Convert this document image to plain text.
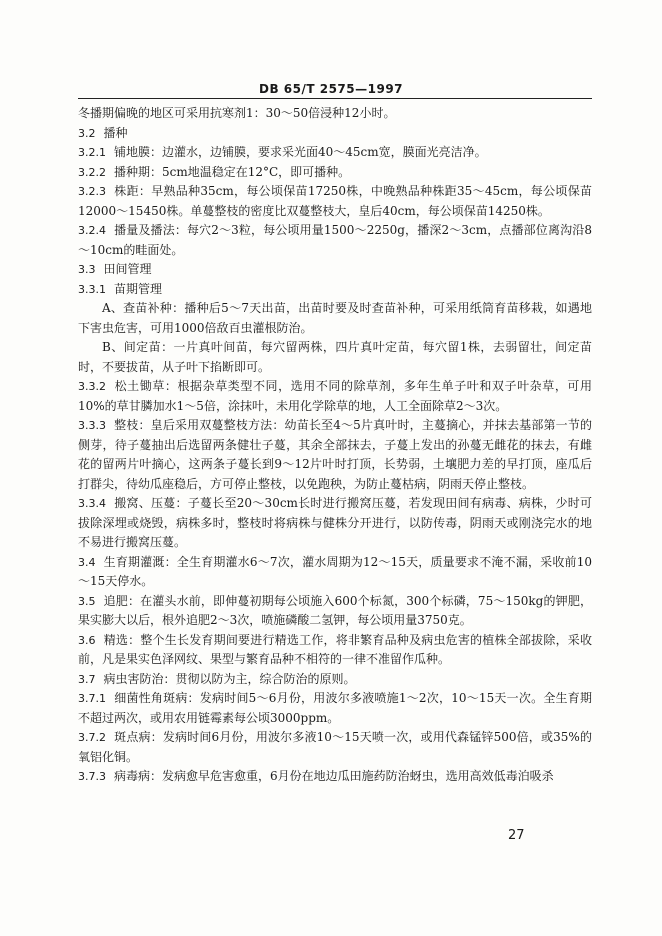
DB 65/T 2575—1997

冬播期偏晚的地区可采用抗寒剂1：30～50倍浸种12小时。

3.2 播种

3.2.1 铺地膜：边灌水，边铺膜，要求采光面40～45cm宽，膜面光亮洁净。

3.2.2 播种期：5cm地温稳定在12°C，即可播种。

3.2.3 株距：早熟品种35cm，每公顷保苗17250株，中晚熟品种株距35～45cm，每公顷保苗12000～15450株。单蔓整枝的密度比双蔓整枝大，皇后40cm，每公顷保苗14250株。

3.2.4 播量及播法：每穴2～3粒，每公顷用量1500～2250g，播深2～3cm，点播部位离沟沿8～10cm的畦面处。

3.3 田间管理

3.3.1 苗期管理

A、查苗补种：播种后5～7天出苗，出苗时要及时查苗补种，可采用纸筒育苗移栽，如遇地下害虫危害，可用1000倍敌百虫灌根防治。

B、间定苗：一片真叶间苗，每穴留两株，四片真叶定苗，每穴留1株，去弱留壮，间定苗时，不要拔苗，从子叶下掐断即可。

3.3.2 松土锄草：根据杂草类型不同，选用不同的除草剂，多年生单子叶和双子叶杂草，可用10%的草甘膦加水1～5倍，涂抹叶，未用化学除草的地，人工全面除草2～3次。

3.3.3 整枝：皇后采用双蔓整枝方法：幼苗长至4～5片真叶时，主蔓摘心，并抹去基部第一节的侧芽，待子蔓抽出后选留两条健壮子蔓，其余全部抹去，子蔓上发出的孙蔓无雌花的抹去，有雌花的留两片叶摘心，这两条子蔓长到9～12片叶时打顶，长势弱，土壤肥力差的早打顶，座瓜后打群尖，待幼瓜座稳后，方可停止整枝，以免跑秧，为防止蔓枯病，阴雨天停止整枝。

3.3.4 搬窝、压蔓：子蔓长至20～30cm长时进行搬窝压蔓，若发现田间有病毒、病株，少时可拔除深埋或烧毁，病株多时，整枝时将病株与健株分开进行，以防传毒，阴雨天或刚浇完水的地不易进行搬窝压蔓。

3.4 生育期灌溉：全生育期灌水6～7次，灌水周期为12～15天，质量要求不淹不漏，采收前10～15天停水。

3.5 追肥：在灌头水前，即伸蔓初期每公顷施入600个标氮，300个标磷，75～150kg的钾肥，果实膨大以后，根外追肥2～3次，喷施磷酸二氢钾，每公顷用量3750克。

3.6 精选：整个生长发育期间要进行精选工作，将非繁育品种及病虫危害的植株全部拔除，采收前，凡是果实色泽网纹、果型与繁育品种不相符的一律不准留作瓜种。

3.7 病虫害防治：贯彻以防为主，综合防治的原则。

3.7.1 细菌性角斑病：发病时间5～6月份，用波尔多液喷施1～2次，10～15天一次。全生育期不超过两次，或用农用链霉素每公顷3000ppm。

3.7.2 斑点病：发病时间6月份，用波尔多液10～15天喷一次，或用代森锰锌500倍，或35%的氧铝化铜。

3.7.3 病毒病：发病愈早危害愈重，6月份在地边瓜田施药防治蚜虫，选用高效低毒泊吸杀

27
